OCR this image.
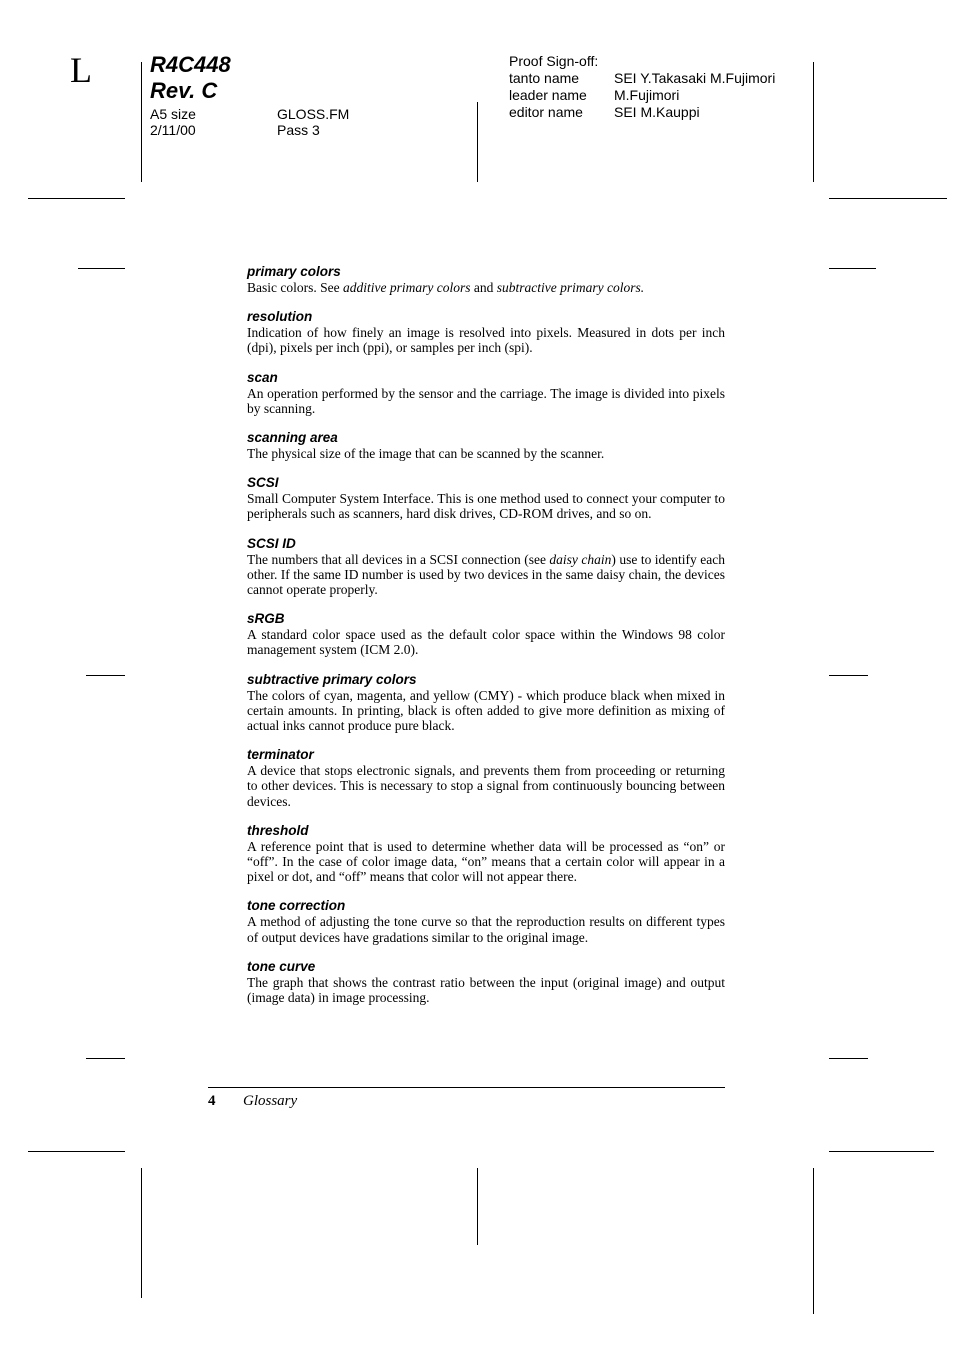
L	R4C448
Rev. C
A5 size	GLOSS.FM
2/11/00	Pass 3
Proof Sign-off:
tanto name SEI Y.Takasaki M.Fujimori
leader name M.Fujimori
editor name SEI M.Kauppi
primary colors
Basic colors. See additive primary colors and subtractive primary colors.
resolution
Indication of how finely an image is resolved into pixels. Measured in dots per inch (dpi), pixels per inch (ppi), or samples per inch (spi).
scan
An operation performed by the sensor and the carriage. The image is divided into pixels by scanning.
scanning area
The physical size of the image that can be scanned by the scanner.
SCSI
Small Computer System Interface. This is one method used to connect your computer to peripherals such as scanners, hard disk drives, CD-ROM drives, and so on.
SCSI ID
The numbers that all devices in a SCSI connection (see daisy chain) use to identify each other. If the same ID number is used by two devices in the same daisy chain, the devices cannot operate properly.
sRGB
A standard color space used as the default color space within the Windows 98 color management system (ICM 2.0).
subtractive primary colors
The colors of cyan, magenta, and yellow (CMY) - which produce black when mixed in certain amounts. In printing, black is often added to give more definition as mixing of actual inks cannot produce pure black.
terminator
A device that stops electronic signals, and prevents them from proceeding or returning to other devices. This is necessary to stop a signal from continuously bouncing between devices.
threshold
A reference point that is used to determine whether data will be processed as “on” or “off”. In the case of color image data, “on” means that a certain color will appear in a pixel or dot, and “off” means that color will not appear there.
tone correction
A method of adjusting the tone curve so that the reproduction results on different types of output devices have gradations similar to the original image.
tone curve
The graph that shows the contrast ratio between the input (original image) and output (image data) in image processing.
4 Glossary
